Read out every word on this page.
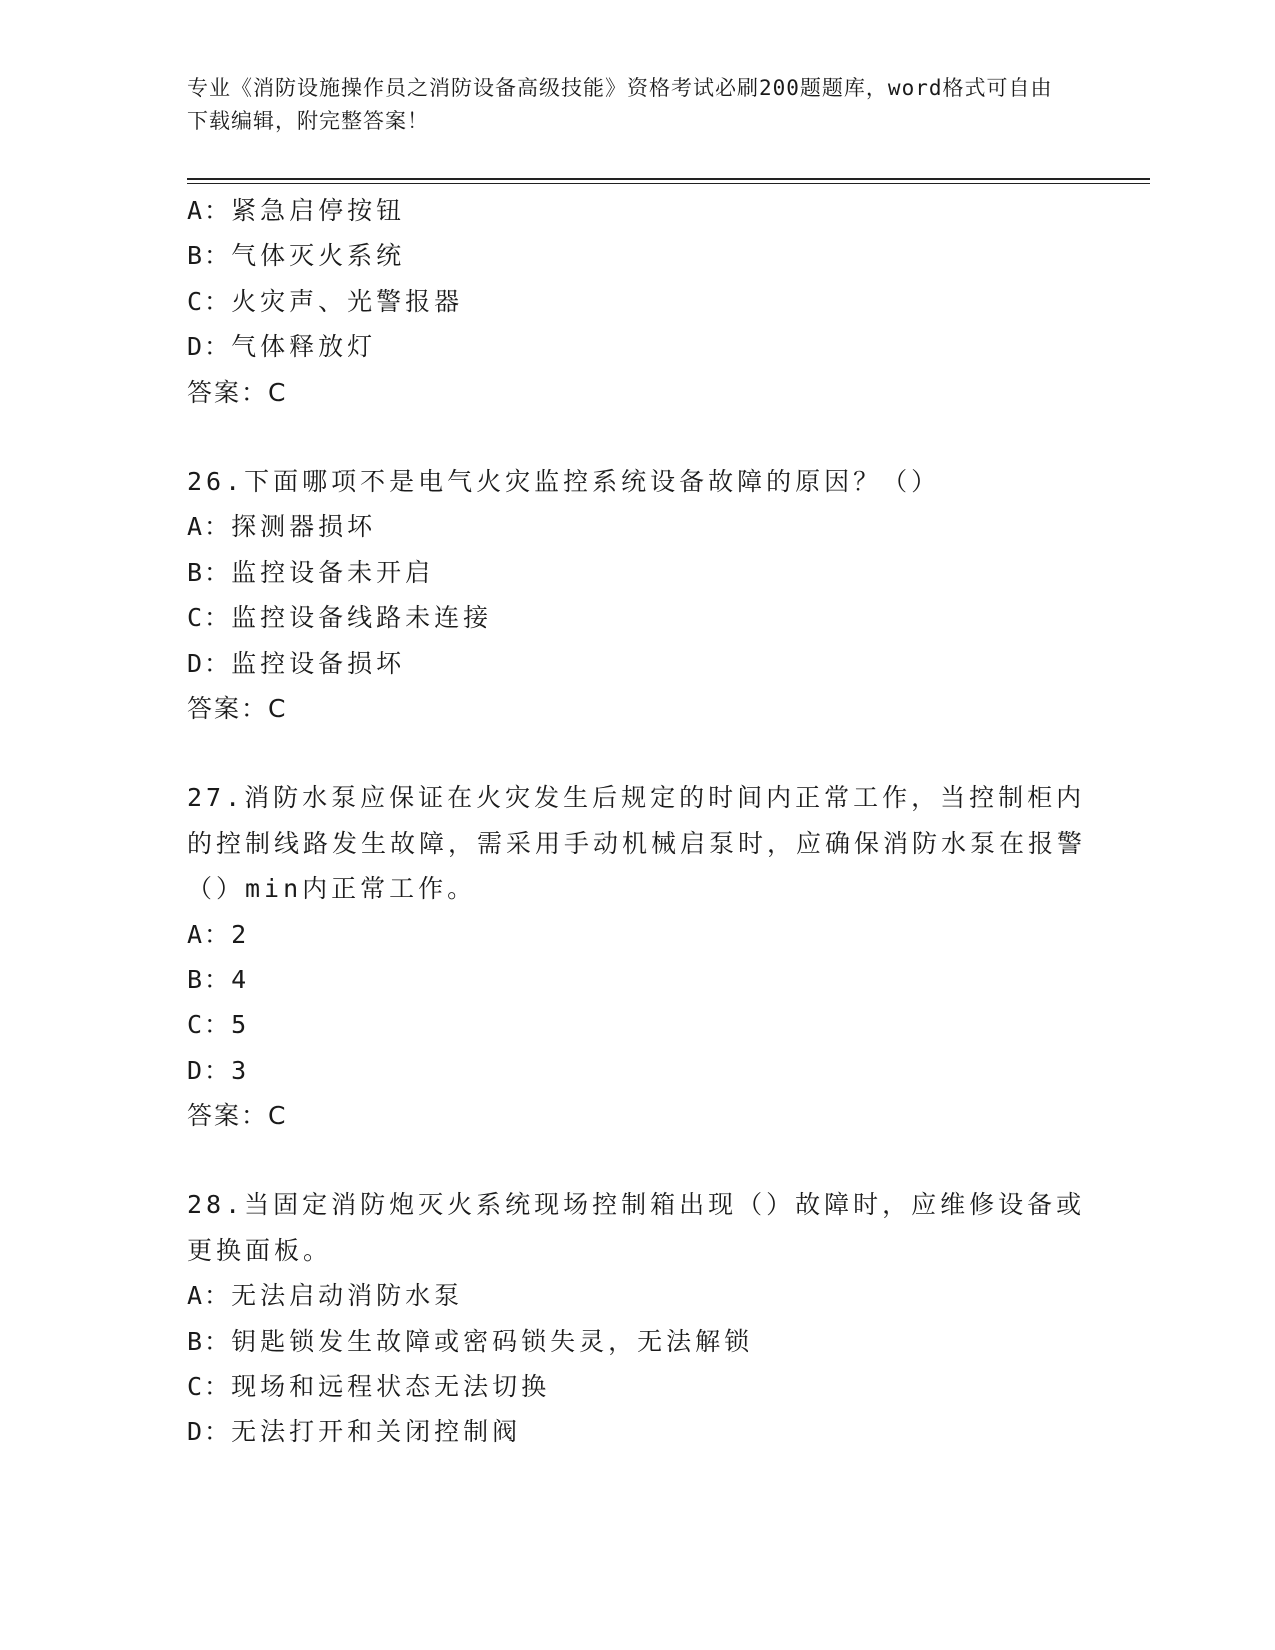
专业《消防设施操作员之消防设备高级技能》资格考试必刷200题题库，word格式可自由下载编辑，附完整答案！
A：紧急启停按钮
B：气体灭火系统
C：火灾声、光警报器
D：气体释放灯
答案：C
26.下面哪项不是电气火灾监控系统设备故障的原因？（）
A：探测器损坏
B：监控设备未开启
C：监控设备线路未连接
D：监控设备损坏
答案：C
27.消防水泵应保证在火灾发生后规定的时间内正常工作，当控制柜内的控制线路发生故障，需采用手动机械启泵时，应确保消防水泵在报警（）min内正常工作。
A：2
B：4
C：5
D：3
答案：C
28.当固定消防炮灭火系统现场控制箱出现（）故障时，应维修设备或更换面板。
A：无法启动消防水泵
B：钥匙锁发生故障或密码锁失灵，无法解锁
C：现场和远程状态无法切换
D：无法打开和关闭控制阀
